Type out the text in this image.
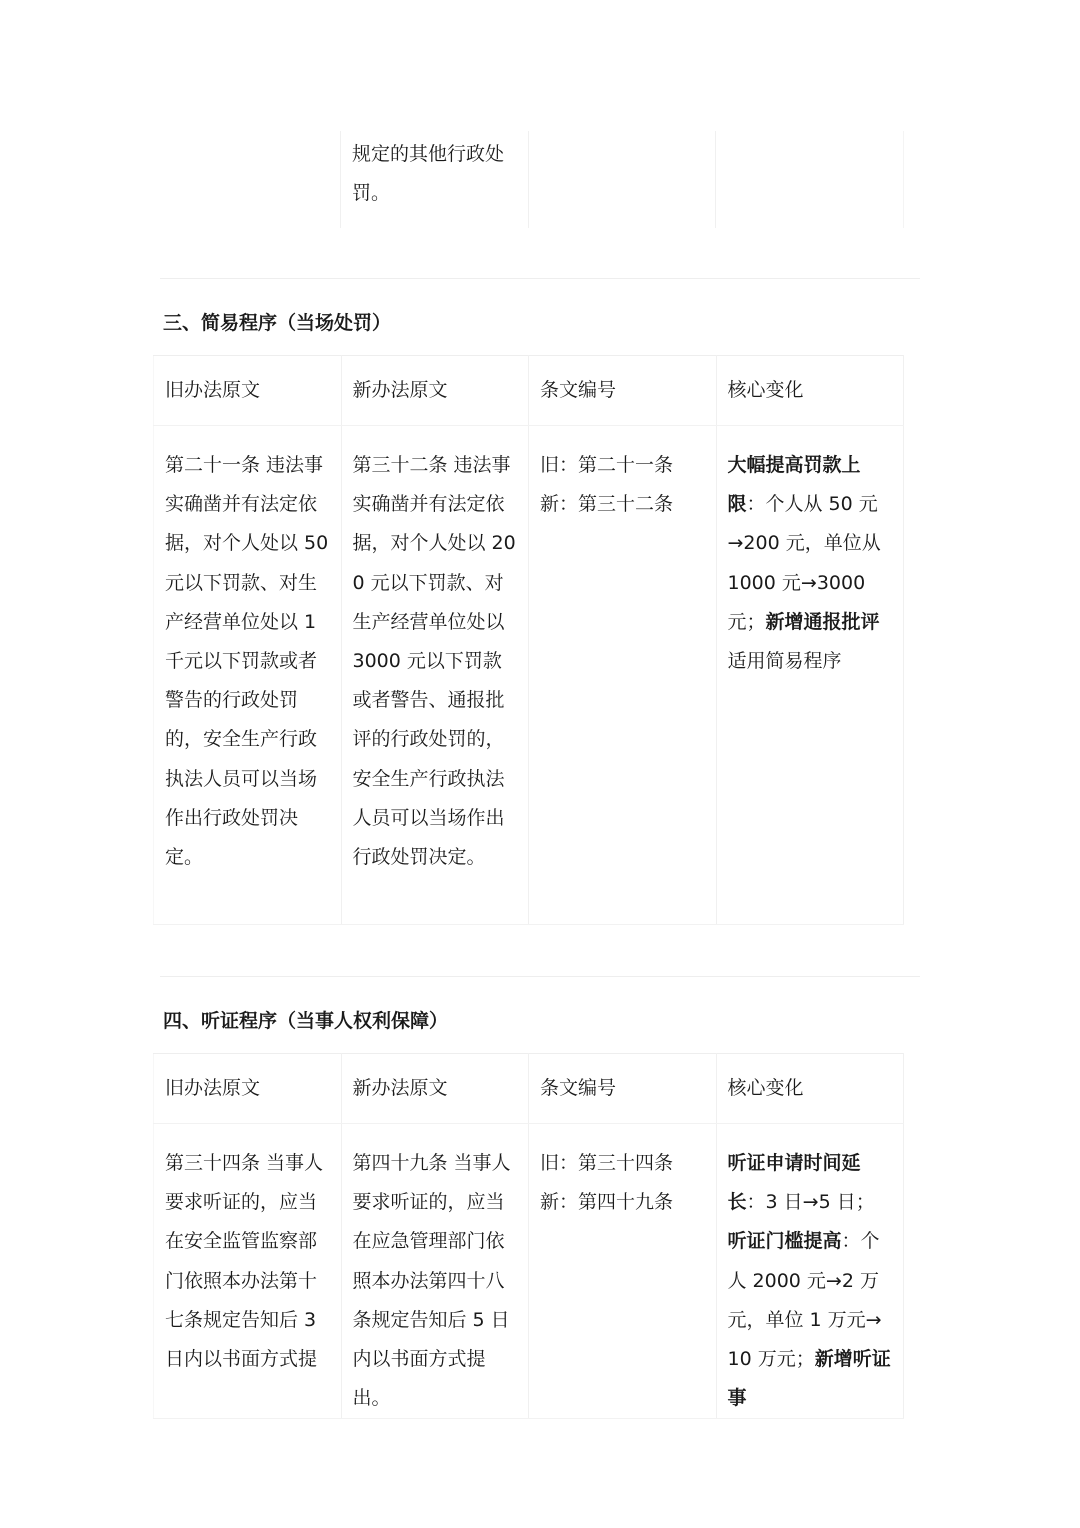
	规定的其他行政处罚。		
三、简易程序（当场处罚）
旧办法原文	新办法原文	条文编号	核心变化
第二十一条 违法事实确凿并有法定依据，对个人处以 50 元以下罚款、对生产经营单位处以 1 千元以下罚款或者警告的行政处罚的，安全生产行政执法人员可以当场作出行政处罚决定。	第三十二条 违法事实确凿并有法定依据，对个人处以 200 元以下罚款、对生产经营单位处以 3000 元以下罚款或者警告、通报批评的行政处罚的，安全生产行政执法人员可以当场作出行政处罚决定。	旧：第二十一条
新：第三十二条	大幅提高罚款上限：个人从 50 元→200 元，单位从 1000 元→3000 元；新增通报批评适用简易程序
四、听证程序（当事人权利保障）
旧办法原文	新办法原文	条文编号	核心变化
第三十四条 当事人要求听证的，应当在安全监管监察部门依照本办法第十七条规定告知后 3 日内以书面方式提	第四十九条 当事人要求听证的，应当在应急管理部门依照本办法第四十八条规定告知后 5 日内以书面方式提出。	旧：第三十四条
新：第四十九条	听证申请时间延长：3 日→5 日；听证门槛提高：个人 2000 元→2 万元，单位 1 万元→10 万元；新增听证事
